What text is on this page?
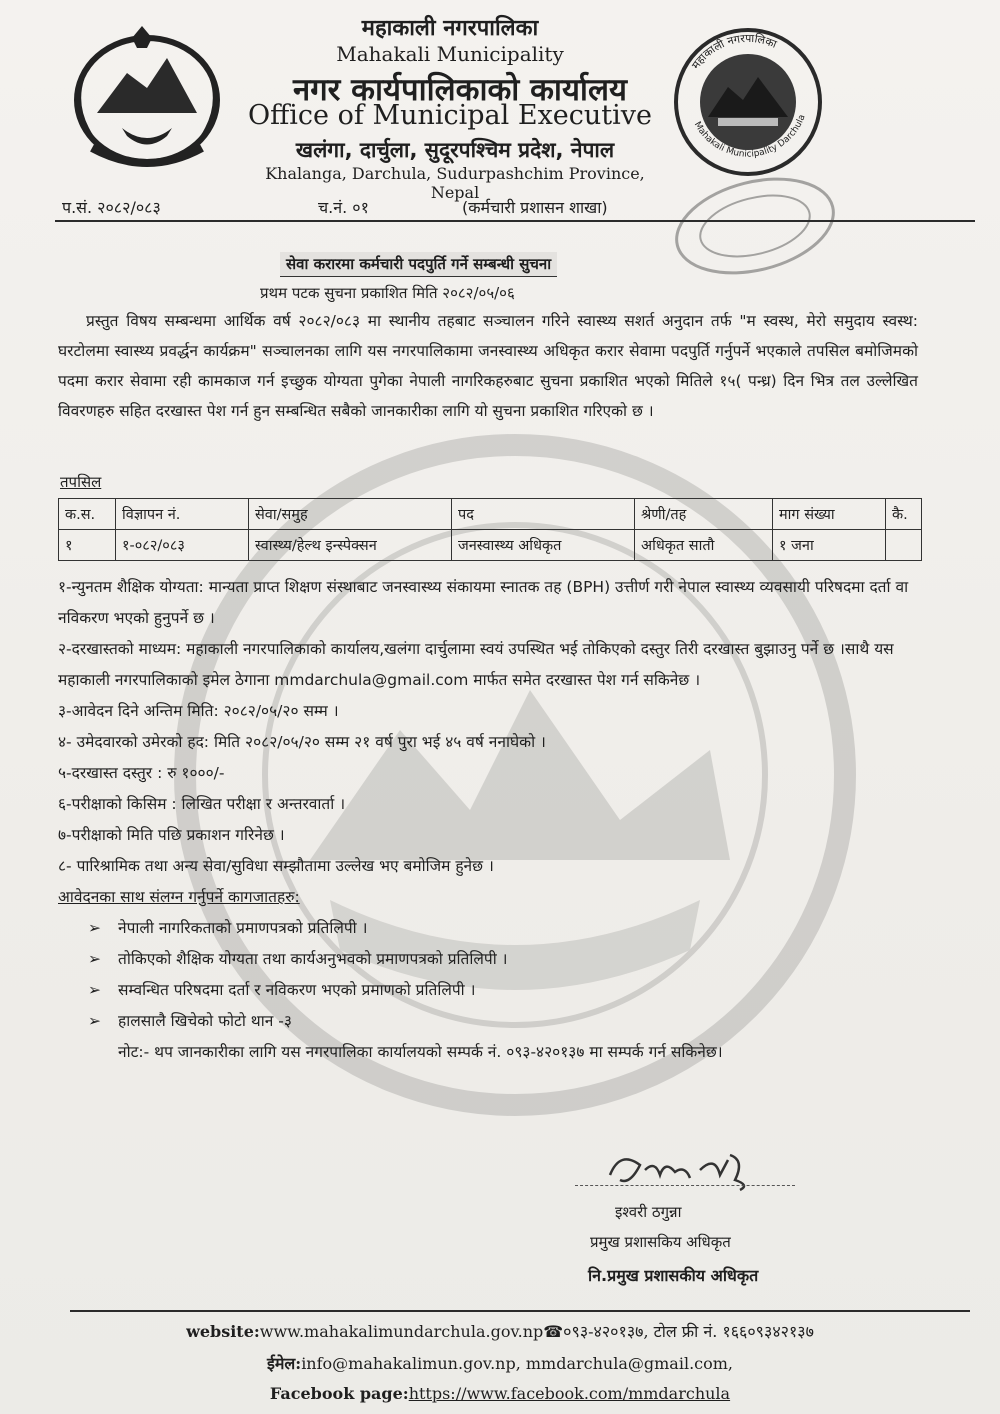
महाकाली नगरपालिका
Mahakali Municipality
नगर कार्यपालिकाको कार्यालय
Office of Municipal Executive
खलंगा, दार्चुला, सुदूरपश्चिम प्रदेश, नेपाल
Khalanga, Darchula, Sudurpashchim Province, Nepal
महाकाली नगरपालिका
Mahakali Municipality Darchula
प.सं. २०८२/०८३	च.नं. ०१	(कर्मचारी प्रशासन शाखा)
सेवा करारमा कर्मचारी पदपुर्ति गर्ने सम्बन्धी सुचना
प्रथम पटक सुचना प्रकाशित मिति २०८२/०५/०६
प्रस्तुत विषय सम्बन्धमा आर्थिक वर्ष २०८२/०८३ मा स्थानीय तहबाट सञ्चालन गरिने स्वास्थ्य सशर्त अनुदान तर्फ "म स्वस्थ, मेरो समुदाय स्वस्थ: घरटोलमा स्वास्थ्य प्रवर्द्धन कार्यक्रम" सञ्चालनका लागि यस नगरपालिकामा जनस्वास्थ्य अधिकृत करार सेवामा पदपुर्ति गर्नुपर्ने भएकाले तपसिल बमोजिमको पदमा करार सेवामा रही कामकाज गर्न इच्छुक योग्यता पुगेका नेपाली नागरिकहरुबाट सुचना प्रकाशित भएको मितिले १५( पन्ध्र) दिन भित्र तल उल्लेखित विवरणहरु सहित दरखास्त पेश गर्न हुन सम्बन्धित सबैको जानकारीका लागि यो सुचना प्रकाशित गरिएको छ ।
तपसिल
क.स.	विज्ञापन नं.	सेवा/समुह	पद	श्रेणी/तह	माग संख्या	कै.
१	१-०८२/०८३	स्वास्थ्य/हेल्थ इन्स्पेक्सन	जनस्वास्थ्य अधिकृत	अधिकृत सातौ	१ जना	

१-न्युनतम शैक्षिक योग्यता: मान्यता प्राप्त शिक्षण संस्थाबाट जनस्वास्थ्य संकायमा स्नातक तह (BPH) उत्तीर्ण गरी नेपाल स्वास्थ्य व्यवसायी परिषदमा दर्ता वा नविकरण भएको हुनुपर्ने छ ।

२-दरखास्तको माध्यम: महाकाली नगरपालिकाको कार्यालय,खलंगा दार्चुलामा स्वयं उपस्थित भई तोकिएको दस्तुर तिरी दरखास्त बुझाउनु पर्ने छ ।साथै यस महाकाली नगरपालिकाको इमेल ठेगाना mmdarchula@gmail.com मार्फत समेत दरखास्त पेश गर्न सकिनेछ ।

३-आवेदन दिने अन्तिम मिति: २०८२/०५/२० सम्म ।

४- उमेदवारको उमेरको हद: मिति २०८२/०५/२० सम्म २१ वर्ष पुरा भई ४५ वर्ष ननाघेको ।

५-दरखास्त दस्तुर : रु १०००/-

६-परीक्षाको किसिम : लिखित परीक्षा र अन्तरवार्ता ।

७-परीक्षाको मिति पछि प्रकाशन गरिनेछ ।

८- पारिश्रामिक तथा अन्य सेवा/सुविधा सम्झौतामा उल्लेख भए बमोजिम हुनेछ ।

आवेदनका साथ संलग्न गर्नुपर्ने कागजातहरु:

➢ नेपाली नागरिकताको प्रमाणपत्रको प्रतिलिपी ।

➢ तोकिएको शैक्षिक योग्यता तथा कार्यअनुभवको प्रमाणपत्रको प्रतिलिपी ।

➢ सम्वन्धित परिषदमा दर्ता र नविकरण भएको प्रमाणको प्रतिलिपी ।

➢ हालसालै खिचेको फोटो थान -३

नोट:- थप जानकारीका लागि यस नगरपालिका कार्यालयको सम्पर्क नं. ०९३-४२०१३७ मा सम्पर्क गर्न सकिनेछ।

इश्वरी ठगुन्ना
प्रमुख प्रशासकिय अधिकृत
नि.प्रमुख प्रशासकीय अधिकृत
website:www.mahakalimundarchula.gov.np☎०९३-४२०१३७, टोल फ्री नं. १६६०९३४२१३७
ईमेल:info@mahakalimun.gov.np, mmdarchula@gmail.com,
Facebook page:https://www.facebook.com/mmdarchula
